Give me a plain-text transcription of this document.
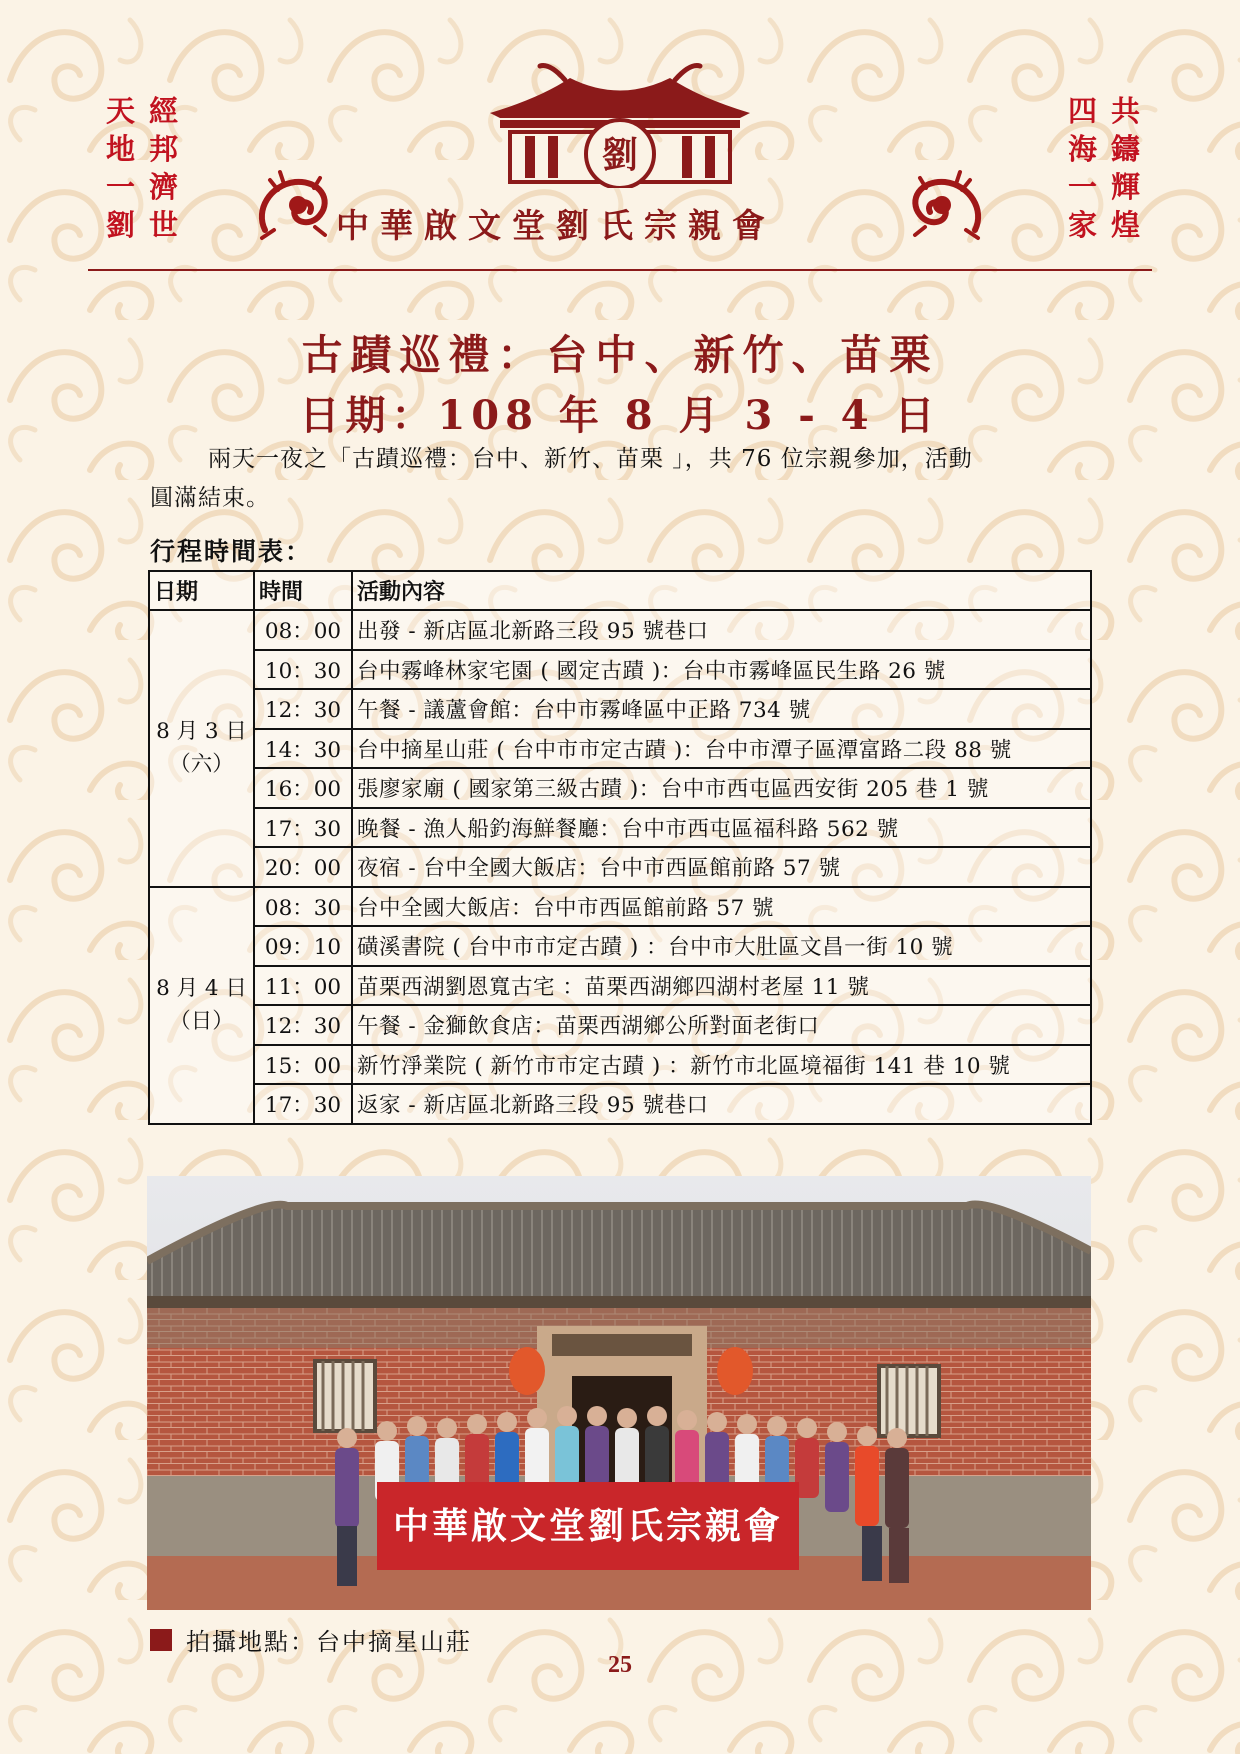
經
邦
濟
世
天
地
一
劉
共
鑄
輝
煌
四
海
一
家
劉
中華啟文堂劉氏宗親會
古蹟巡禮：台中、新竹、苗栗
日期：108 年 8 月 3 - 4 日
兩天一夜之「古蹟巡禮：台中、新竹、苗栗 」，共 76 位宗親參加，活動
圓滿結束。
行程時間表：
日期	時間	活動內容
8 月 3 日
（六）	08：00	出發 - 新店區北新路三段 95 號巷口
	10：30	台中霧峰林家宅園 ( 國定古蹟 )：台中市霧峰區民生路 26 號
	12：30	午餐 - 議蘆會館：台中市霧峰區中正路 734 號
	14：30	台中摘星山莊 ( 台中市市定古蹟 )：台中市潭子區潭富路二段 88 號
	16：00	張廖家廟 ( 國家第三級古蹟 )：台中市西屯區西安街 205 巷 1 號
	17：30	晚餐 - 漁人船釣海鮮餐廳：台中市西屯區福科路 562 號
	20：00	夜宿 - 台中全國大飯店：台中市西區館前路 57 號
8 月 4 日
（日）	08：30	台中全國大飯店：台中市西區館前路 57 號
	09：10	磺溪書院 ( 台中市市定古蹟 ) ：台中市大肚區文昌一街 10 號
	11：00	苗栗西湖劉恩寬古宅 ：苗栗西湖鄉四湖村老屋 11 號
	12：30	午餐 - 金獅飲食店：苗栗西湖鄉公所對面老街口
	15：00	新竹淨業院 ( 新竹市市定古蹟 ) ：新竹市北區境福街 141 巷 10 號
	17：30	返家 - 新店區北新路三段 95 號巷口
中華啟文堂劉氏宗親會
拍攝地點：台中摘星山莊
25
